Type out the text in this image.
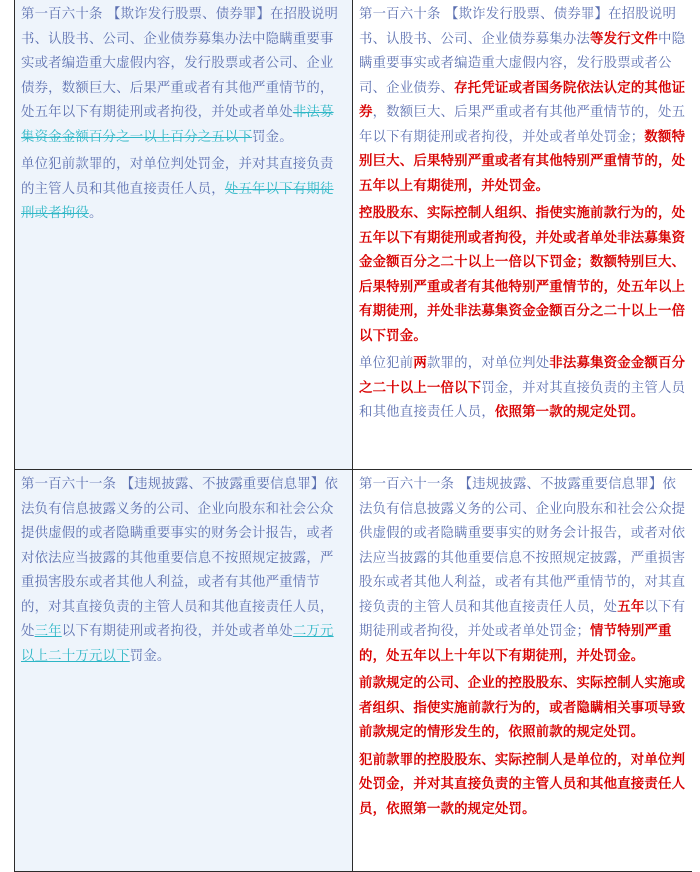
第一百六十条 【欺诈发行股票、债券罪】在招股说明书、认股书、公司、企业债券募集办法中隐瞒重要事实或者编造重大虚假内容，发行股票或者公司、企业债券，数额巨大、后果严重或者有其他严重情节的，处五年以下有期徒刑或者拘役，并处或者单处非法募集资金金额百分之一以上百分之五以下罚金。

单位犯前款罪的，对单位判处罚金，并对其直接负责的主管人员和其他直接责任人员，处五年以下有期徒刑或者拘役。

第一百六十条 【欺诈发行股票、债券罪】在招股说明书、认股书、公司、企业债券募集办法等发行文件中隐瞒重要事实或者编造重大虚假内容，发行股票或者公司、企业债券、存托凭证或者国务院依法认定的其他证券，数额巨大、后果严重或者有其他严重情节的，处五年以下有期徒刑或者拘役，并处或者单处罚金；数额特别巨大、后果特别严重或者有其他特别严重情节的，处五年以上有期徒刑，并处罚金。

控股股东、实际控制人组织、指使实施前款行为的，处五年以下有期徒刑或者拘役，并处或者单处非法募集资金金额百分之二十以上一倍以下罚金；数额特别巨大、后果特别严重或者有其他特别严重情节的，处五年以上有期徒刑，并处非法募集资金金额百分之二十以上一倍以下罚金。

单位犯前两款罪的，对单位判处非法募集资金金额百分之二十以上一倍以下罚金，并对其直接负责的主管人员和其他直接责任人员，依照第一款的规定处罚。

第一百六十一条 【违规披露、不披露重要信息罪】依法负有信息披露义务的公司、企业向股东和社会公众提供虚假的或者隐瞒重要事实的财务会计报告，或者对依法应当披露的其他重要信息不按照规定披露，严重损害股东或者其他人利益，或者有其他严重情节的，对其直接负责的主管人员和其他直接责任人员，处三年以下有期徒刑或者拘役，并处或者单处二万元以上二十万元以下罚金。

第一百六十一条 【违规披露、不披露重要信息罪】依法负有信息披露义务的公司、企业向股东和社会公众提供虚假的或者隐瞒重要事实的财务会计报告，或者对依法应当披露的其他重要信息不按照规定披露，严重损害股东或者其他人利益，或者有其他严重情节的，对其直接负责的主管人员和其他直接责任人员，处五年以下有期徒刑或者拘役，并处或者单处罚金；情节特别严重的，处五年以上十年以下有期徒刑，并处罚金。

前款规定的公司、企业的控股股东、实际控制人实施或者组织、指使实施前款行为的，或者隐瞒相关事项导致前款规定的情形发生的，依照前款的规定处罚。

犯前款罪的控股股东、实际控制人是单位的，对单位判处罚金，并对其直接负责的主管人员和其他直接责任人员，依照第一款的规定处罚。
